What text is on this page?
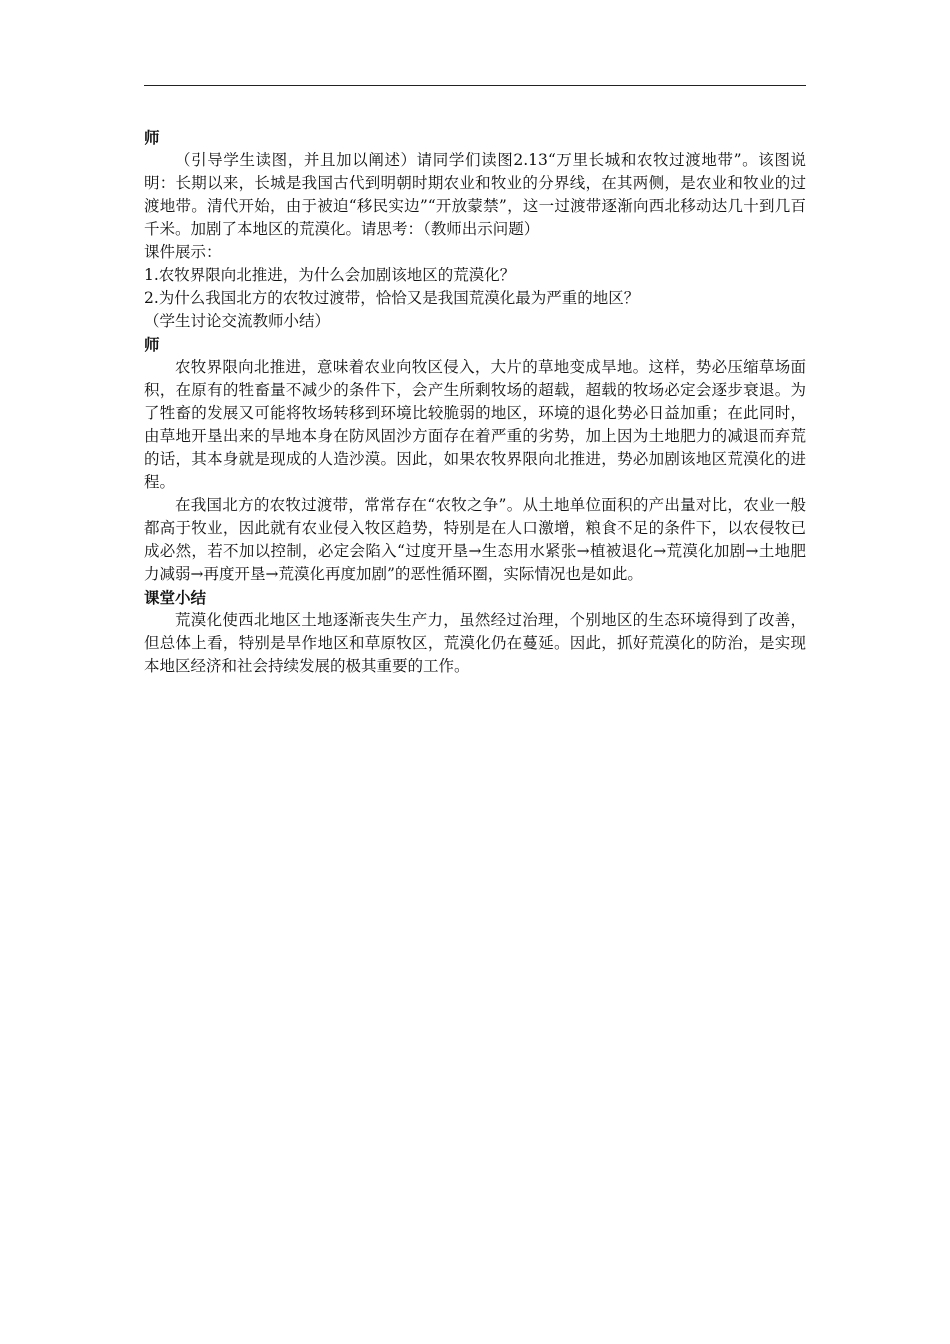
师

（引导学生读图，并且加以阐述）请同学们读图2.13“万里长城和农牧过渡地带”。该图说明：长期以来，长城是我国古代到明朝时期农业和牧业的分界线，在其两侧，是农业和牧业的过渡地带。清代开始，由于被迫“移民实边”“开放蒙禁”，这一过渡带逐渐向西北移动达几十到几百千米。加剧了本地区的荒漠化。请思考：（教师出示问题）

课件展示：

1.农牧界限向北推进，为什么会加剧该地区的荒漠化？

2.为什么我国北方的农牧过渡带，恰恰又是我国荒漠化最为严重的地区？

（学生讨论交流教师小结）

师

农牧界限向北推进，意味着农业向牧区侵入，大片的草地变成旱地。这样，势必压缩草场面积，在原有的牲畜量不减少的条件下，会产生所剩牧场的超载，超载的牧场必定会逐步衰退。为了牲畜的发展又可能将牧场转移到环境比较脆弱的地区，环境的退化势必日益加重；在此同时，由草地开垦出来的旱地本身在防风固沙方面存在着严重的劣势，加上因为土地肥力的减退而弃荒的话，其本身就是现成的人造沙漠。因此，如果农牧界限向北推进，势必加剧该地区荒漠化的进程。

在我国北方的农牧过渡带，常常存在“农牧之争”。从土地单位面积的产出量对比，农业一般都高于牧业，因此就有农业侵入牧区趋势，特别是在人口激增，粮食不足的条件下，以农侵牧已成必然，若不加以控制，必定会陷入“过度开垦→生态用水紧张→植被退化→荒漠化加剧→土地肥力减弱→再度开垦→荒漠化再度加剧”的恶性循环圈，实际情况也是如此。

课堂小结

荒漠化使西北地区土地逐渐丧失生产力，虽然经过治理，个别地区的生态环境得到了改善，但总体上看，特别是旱作地区和草原牧区，荒漠化仍在蔓延。因此，抓好荒漠化的防治，是实现本地区经济和社会持续发展的极其重要的工作。
